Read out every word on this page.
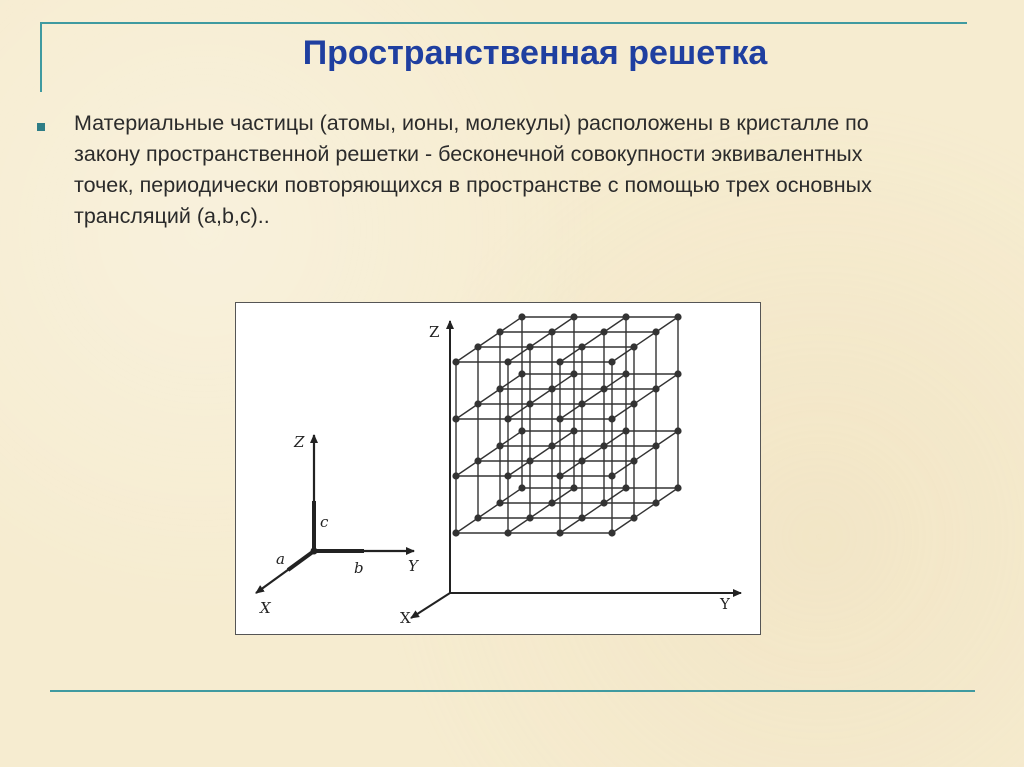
Пространственная решетка
Материальные частицы (атомы, ионы, молекулы) расположены в кристалле по закону пространственной решетки - бесконечной совокупности эквивалентных точек, периодически повторяющихся в пространстве с помощью трех основных трансляций (a,b,c)..
Z
c
b	Y
a
X
Z
Y
X
